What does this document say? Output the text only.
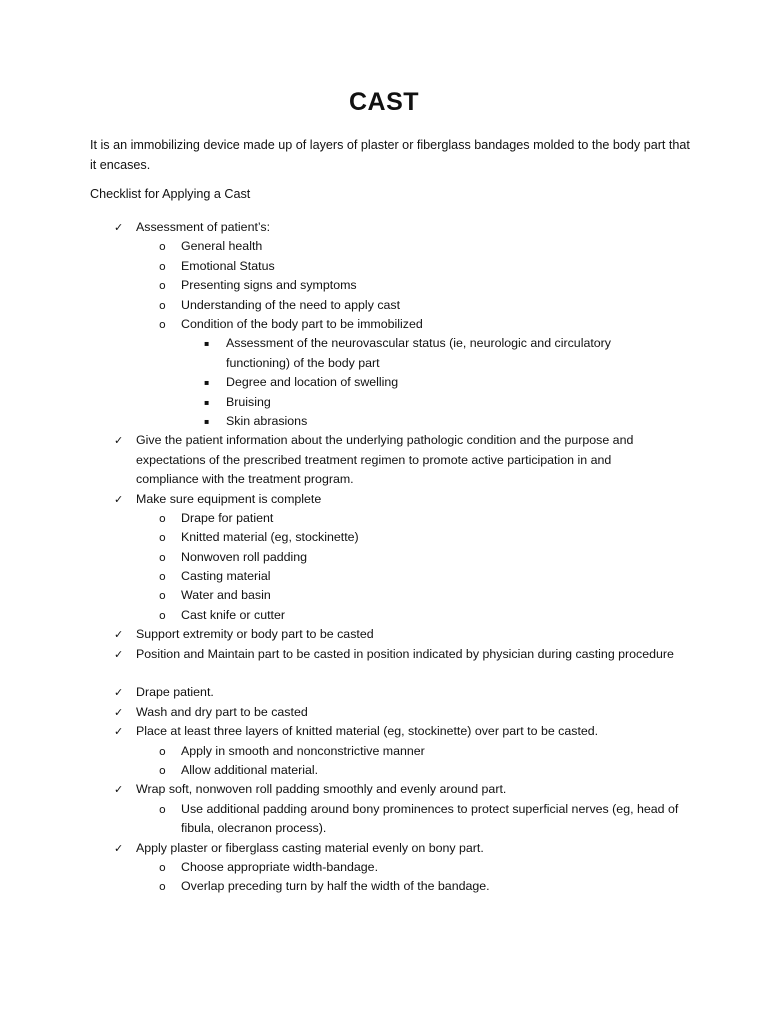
CAST
It is an immobilizing device made up of layers of plaster or fiberglass bandages molded to the body part that it encases.
Checklist for Applying a Cast
✓ Assessment of patient’s:
o General health
o Emotional Status
o Presenting signs and symptoms
o Understanding of the need to apply cast
o Condition of the body part to be immobilized
▪ Assessment of the neurovascular status (ie, neurologic and circulatory functioning) of the body part
▪ Degree and location of swelling
▪ Bruising
▪ Skin abrasions
✓ Give the patient information about the underlying pathologic condition and the purpose and expectations of the prescribed treatment regimen to promote active participation in and compliance with the treatment program.
✓ Make sure equipment is complete
o Drape for patient
o Knitted material (eg, stockinette)
o Nonwoven roll padding
o Casting material
o Water and basin
o Cast knife or cutter
✓ Support extremity or body part to be casted
✓ Position and Maintain part to be casted in position indicated by physician during casting procedure
✓ Drape patient.
✓ Wash and dry part to be casted
✓ Place at least three layers of knitted material (eg, stockinette) over part to be casted.
o Apply in smooth and nonconstrictive manner
o Allow additional material.
✓ Wrap soft, nonwoven roll padding smoothly and evenly around part.
o Use additional padding around bony prominences to protect superficial nerves (eg, head of fibula, olecranon process).
✓ Apply plaster or fiberglass casting material evenly on bony part.
o Choose appropriate width-bandage.
o Overlap preceding turn by half the width of the bandage.
